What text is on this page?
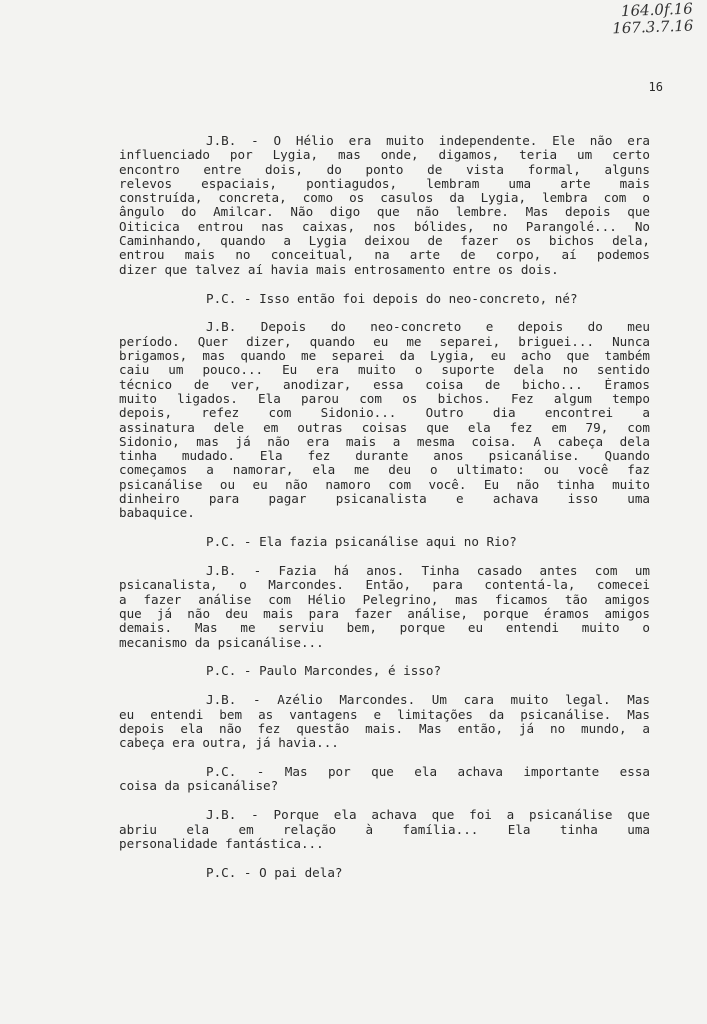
164.0f.16
167.3.7.16
16
J.B. - O Hélio era muito independente. Ele não era
influenciado por Lygia, mas onde, digamos, teria um certo
encontro entre dois, do ponto de vista formal, alguns
relevos espaciais, pontiagudos, lembram uma arte mais
construída, concreta, como os casulos da Lygia, lembra com o
ângulo do Amilcar. Não digo que não lembre. Mas depois que
Oiticica entrou nas caixas, nos bólides, no Parangolé... No
Caminhando, quando a Lygia deixou de fazer os bichos dela,
entrou mais no conceitual, na arte de corpo, aí podemos
dizer que talvez aí havia mais entrosamento entre os dois.
P.C. - Isso então foi depois do neo-concreto, né?
J.B. Depois do neo-concreto e depois do meu
período. Quer dizer, quando eu me separei, briguei... Nunca
brigamos, mas quando me separei da Lygia, eu acho que também
caiu um pouco... Eu era muito o suporte dela no sentido
técnico de ver, anodizar, essa coisa de bicho... Éramos
muito ligados. Ela parou com os bichos. Fez algum tempo
depois, refez com Sidonio... Outro dia encontrei a
assinatura dele em outras coisas que ela fez em 79, com
Sidonio, mas já não era mais a mesma coisa. A cabeça dela
tinha mudado. Ela fez durante anos psicanálise. Quando
começamos a namorar, ela me deu o ultimato: ou você faz
psicanálise ou eu não namoro com você. Eu não tinha muito
dinheiro para pagar psicanalista e achava isso uma
babaquice.
P.C. - Ela fazia psicanálise aqui no Rio?
J.B. - Fazia há anos. Tinha casado antes com um
psicanalista, o Marcondes. Então, para contentá-la, comecei
a fazer análise com Hélio Pelegrino, mas ficamos tão amigos
que já não deu mais para fazer análise, porque éramos amigos
demais. Mas me serviu bem, porque eu entendi muito o
mecanismo da psicanálise...
P.C. - Paulo Marcondes, é isso?
J.B. - Azélio Marcondes. Um cara muito legal. Mas
eu entendi bem as vantagens e limitações da psicanálise. Mas
depois ela não fez questão mais. Mas então, já no mundo, a
cabeça era outra, já havia...
P.C. - Mas por que ela achava importante essa
coisa da psicanálise?
J.B. - Porque ela achava que foi a psicanálise que
abriu ela em relação à família... Ela tinha uma
personalidade fantástica...
P.C. - O pai dela?
